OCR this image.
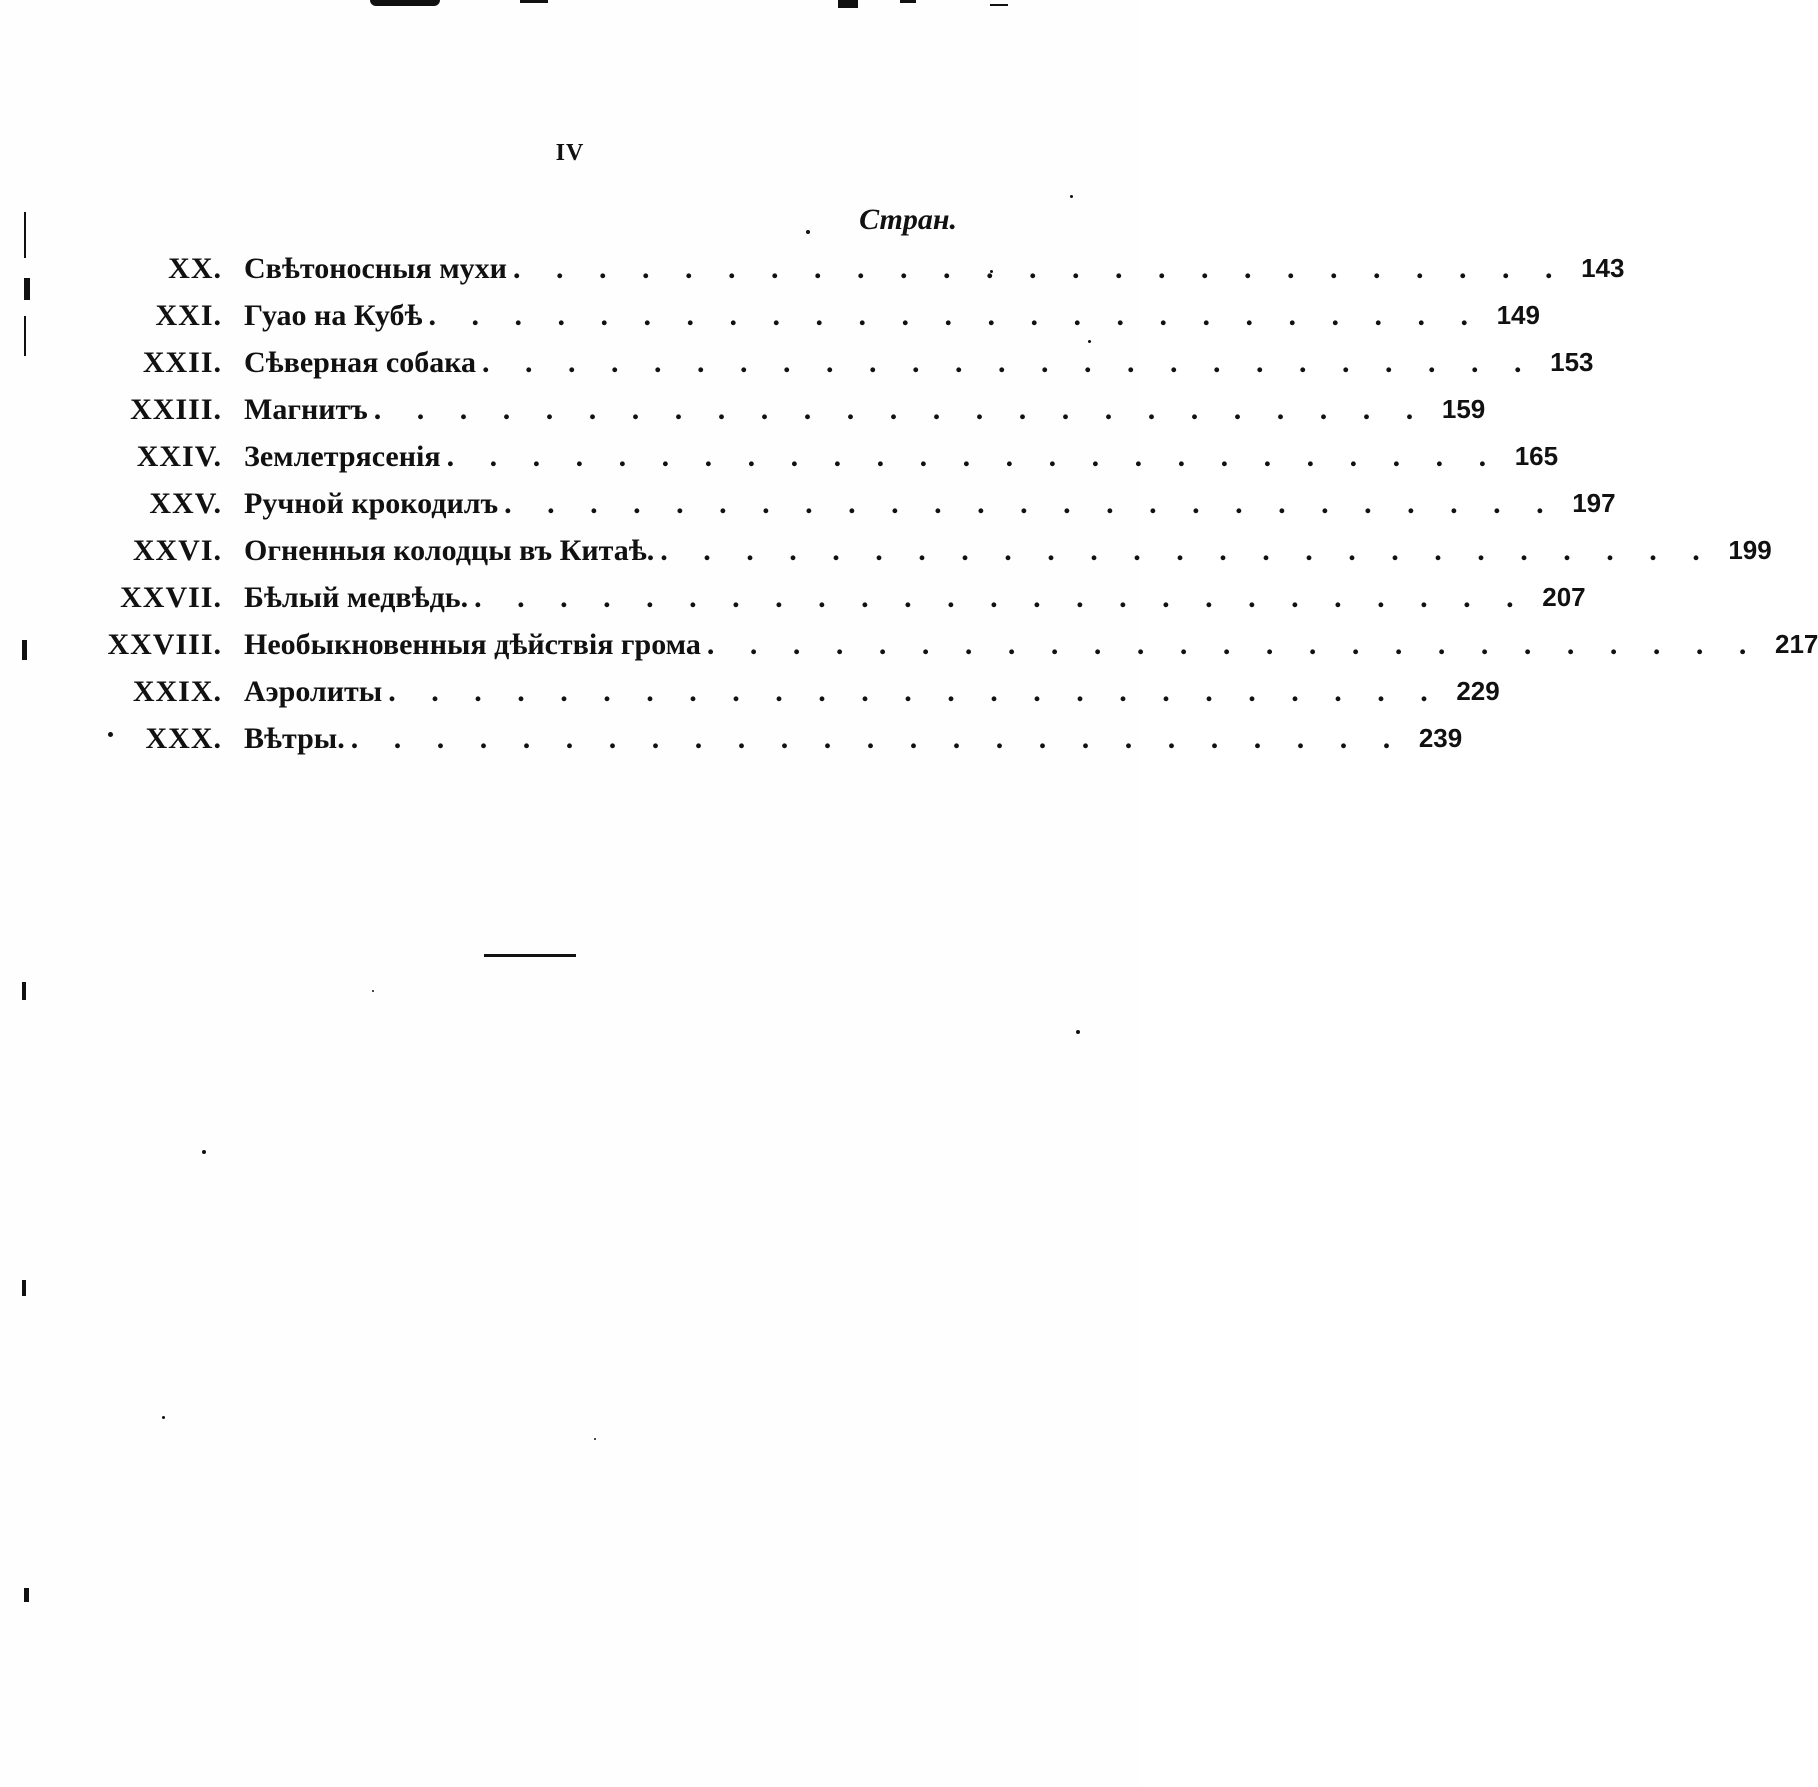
IV
Стран.
XX. Свѣтоносныя мухи . . . . . . . . . . . . . . . . . . . . . . . . . 143
XXI. Гуао на Кубѣ . . . . . . . . . . . . . . . . . . . . . . . . . 149
XXII. Сѣверная собака . . . . . . . . . . . . . . . . . . . . . . . . . 153
XXIII. Магнитъ . . . . . . . . . . . . . . . . . . . . . . . . . 159
XXIV. Землетрясенія . . . . . . . . . . . . . . . . . . . . . . . . . 165
XXV. Ручной крокодилъ . . . . . . . . . . . . . . . . . . . . . . . . . 197
XXVI. Огненныя колодцы въ Китаѣ. . . . . . . . . . . . . . . . . . . . . . . . . . 199
XXVII. Бѣлый медвѣдь. . . . . . . . . . . . . . . . . . . . . . . . . . 207
XXVIII. Необыкновенныя дѣйствія грома . . . . . . . . . . . . . . . . . . . . . . . . . 217
XXIX. Аэролиты . . . . . . . . . . . . . . . . . . . . . . . . . 229
XXX. Вѣтры. . . . . . . . . . . . . . . . . . . . . . . . . . 239
